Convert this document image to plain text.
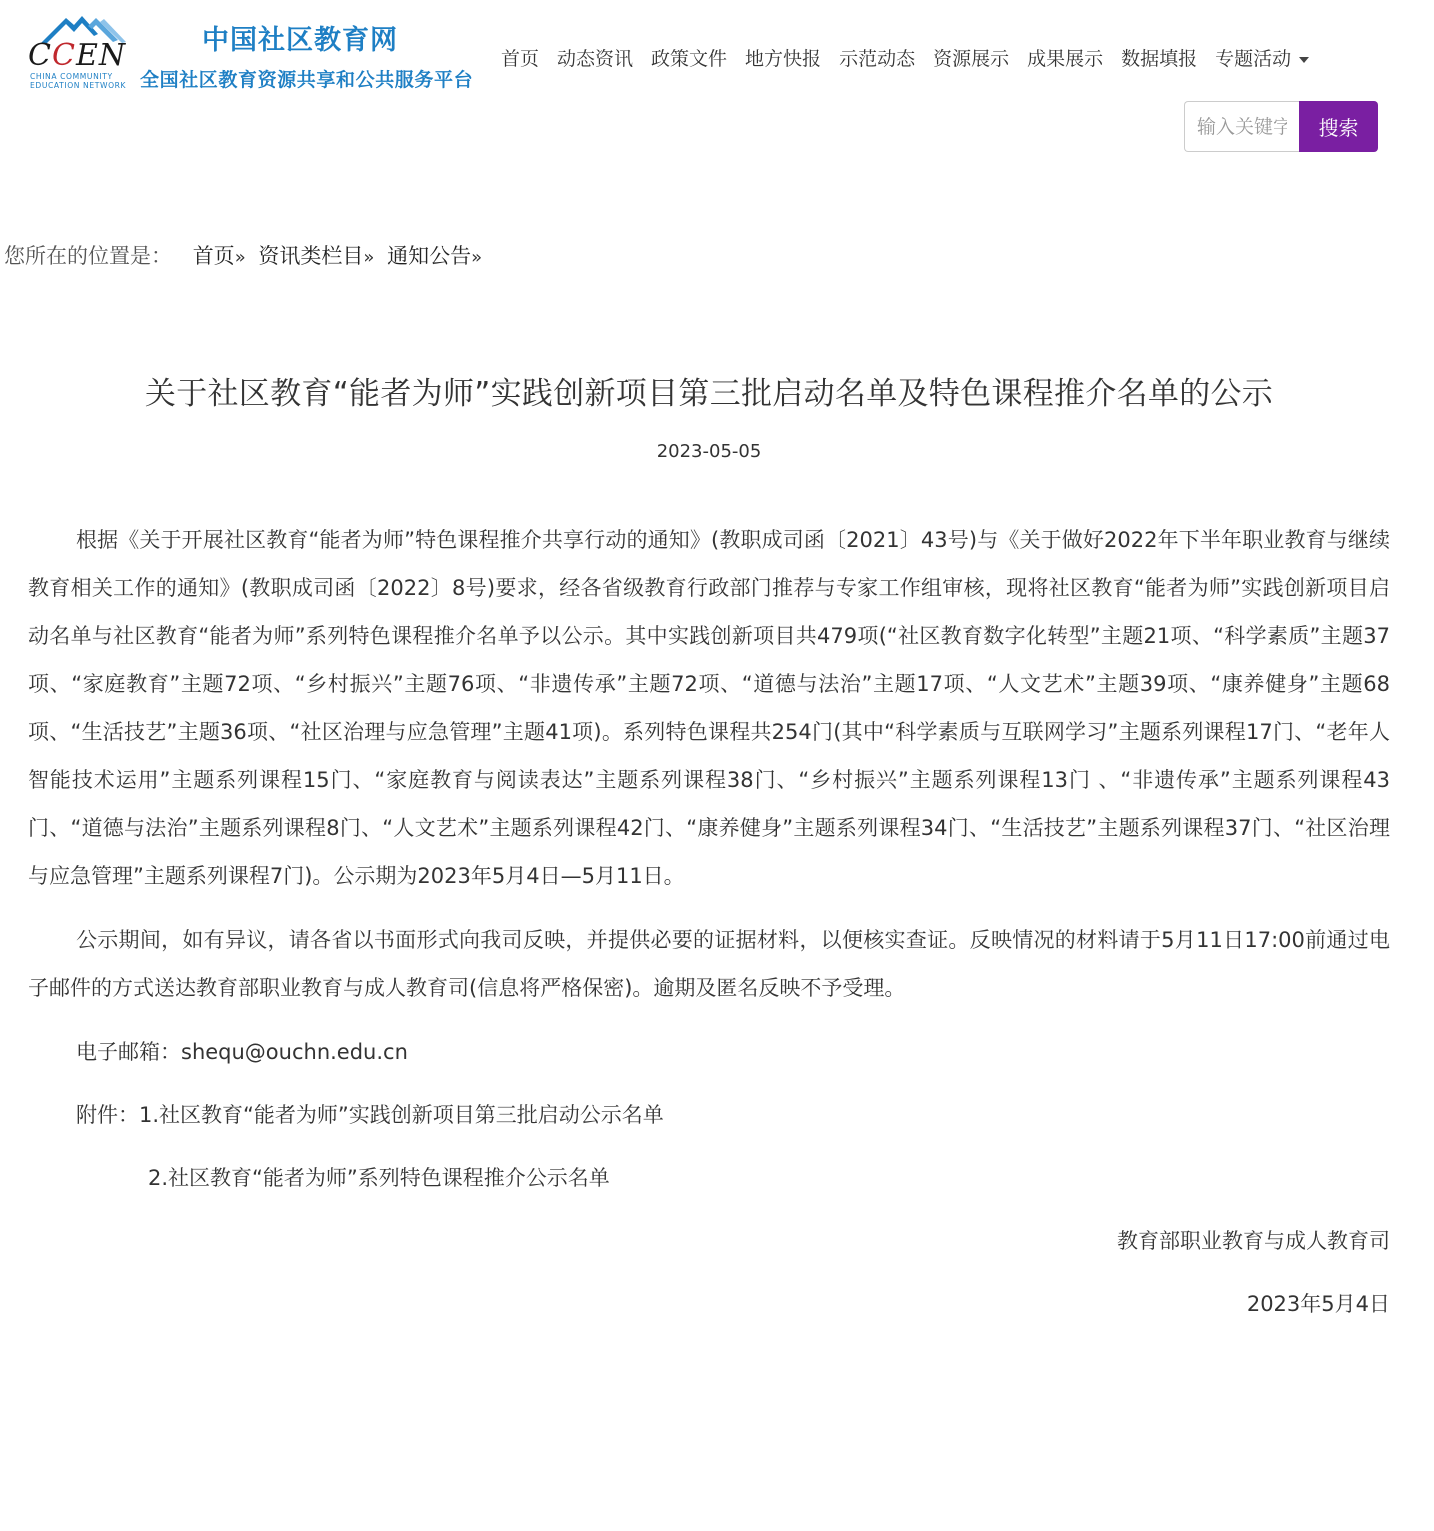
CCEN
CHINA COMMUNITY
EDUCATION NETWORK
中国社区教育网
全国社区教育资源共享和公共服务平台
首页 动态资讯 政策文件 地方快报 示范动态 资源展示 成果展示 数据填报 专题活动
输入关键字
搜索
您所在的位置是： 首页» 资讯类栏目» 通知公告»
关于社区教育“能者为师”实践创新项目第三批启动名单及特色课程推介名单的公示
2023-05-05

根据《关于开展社区教育“能者为师”特色课程推介共享行动的通知》(教职成司函〔2021〕43号)与《关于做好2022年下半年职业教育与继续教育相关工作的通知》(教职成司函〔2022〕8号)要求，经各省级教育行政部门推荐与专家工作组审核，现将社区教育“能者为师”实践创新项目启动名单与社区教育“能者为师”系列特色课程推介名单予以公示。其中实践创新项目共479项(“社区教育数字化转型”主题21项、“科学素质”主题37项、“家庭教育”主题72项、“乡村振兴”主题76项、“非遗传承”主题72项、“道德与法治”主题17项、“人文艺术”主题39项、“康养健身”主题68项、“生活技艺”主题36项、“社区治理与应急管理”主题41项)。系列特色课程共254门(其中“科学素质与互联网学习”主题系列课程17门、“老年人智能技术运用”主题系列课程15门、“家庭教育与阅读表达”主题系列课程38门、“乡村振兴”主题系列课程13门 、“非遗传承”主题系列课程43门、“道德与法治”主题系列课程8门、“人文艺术”主题系列课程42门、“康养健身”主题系列课程34门、“生活技艺”主题系列课程37门、“社区治理与应急管理”主题系列课程7门)。公示期为2023年5月4日—5月11日。

公示期间，如有异议，请各省以书面形式向我司反映，并提供必要的证据材料，以便核实查证。反映情况的材料请于5月11日17:00前通过电子邮件的方式送达教育部职业教育与成人教育司(信息将严格保密)。逾期及匿名反映不予受理。

电子邮箱：shequ@ouchn.edu.cn

附件：1.社区教育“能者为师”实践创新项目第三批启动公示名单

2.社区教育“能者为师”系列特色课程推介公示名单

教育部职业教育与成人教育司

2023年5月4日
